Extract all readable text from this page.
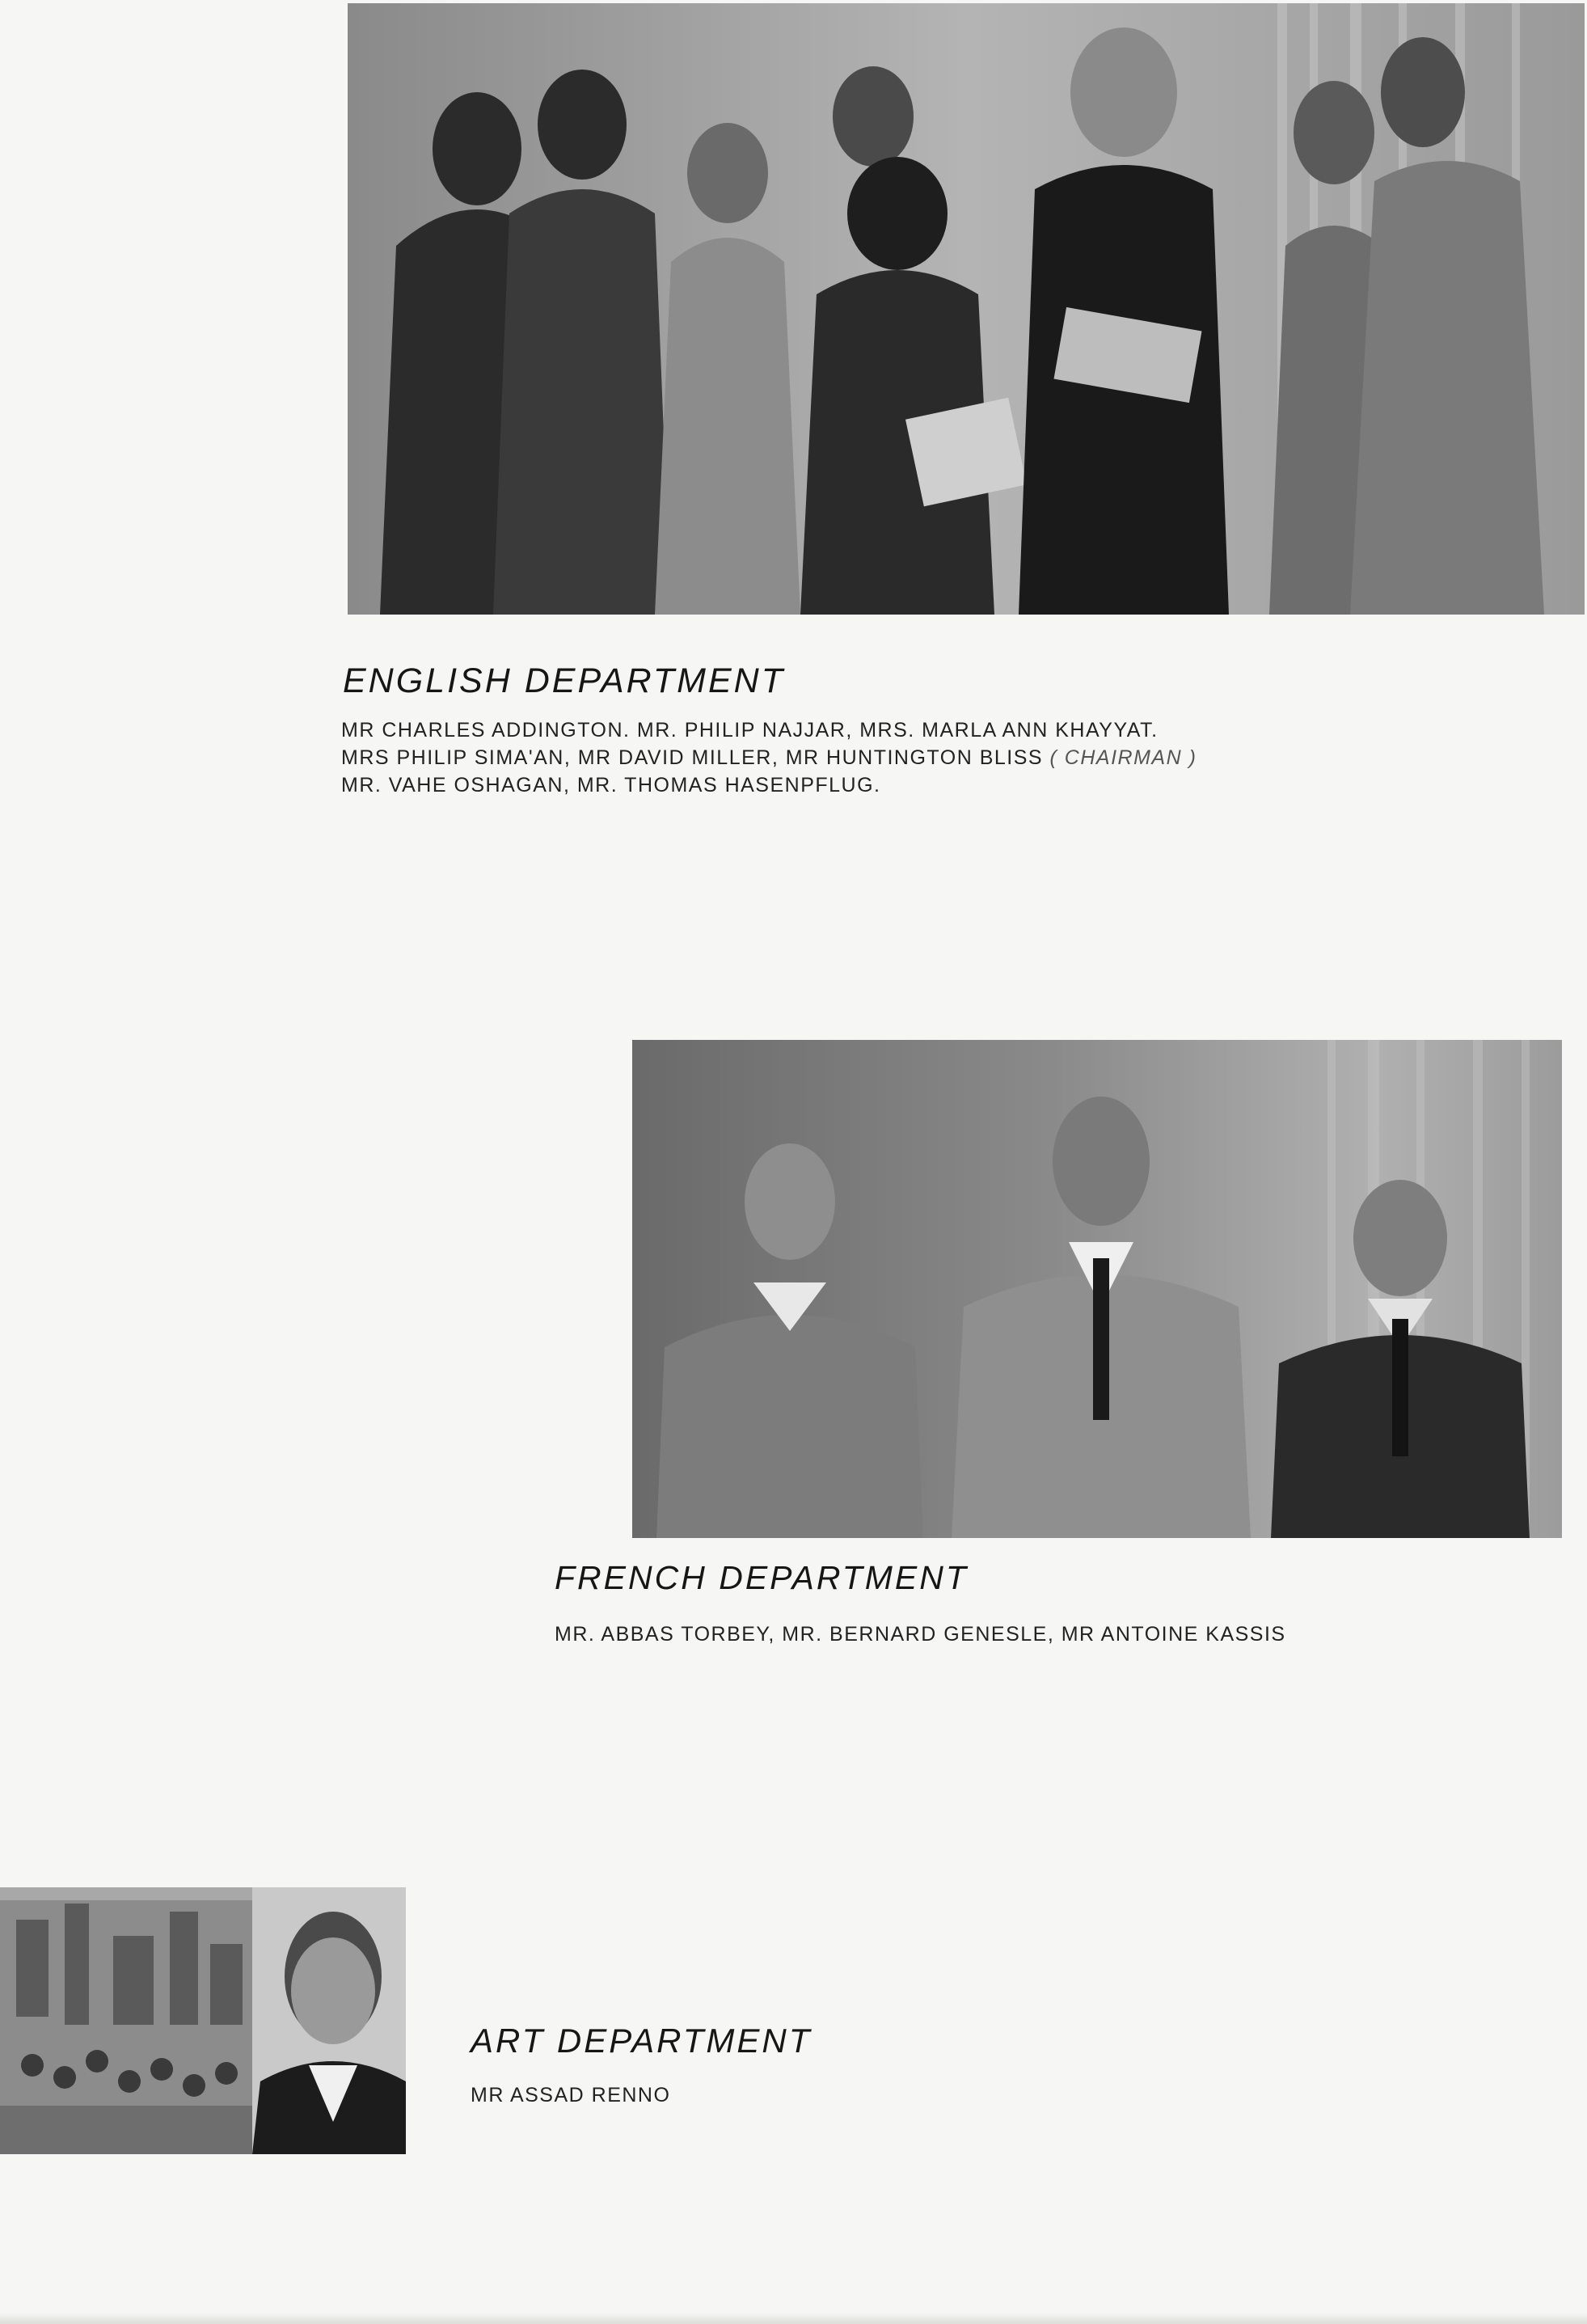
ENGLISH DEPARTMENT

MR CHARLES ADDINGTON. MR. PHILIP NAJJAR, MRS. MARLA ANN KHAYYAT.

MRS PHILIP SIMA'AN, MR DAVID MILLER, MR HUNTINGTON BLISS ( CHAIRMAN )

MR. VAHE OSHAGAN, MR. THOMAS HASENPFLUG.

FRENCH DEPARTMENT

MR. ABBAS TORBEY, MR. BERNARD GENESLE, MR ANTOINE KASSIS

ART DEPARTMENT

MR ASSAD RENNO
